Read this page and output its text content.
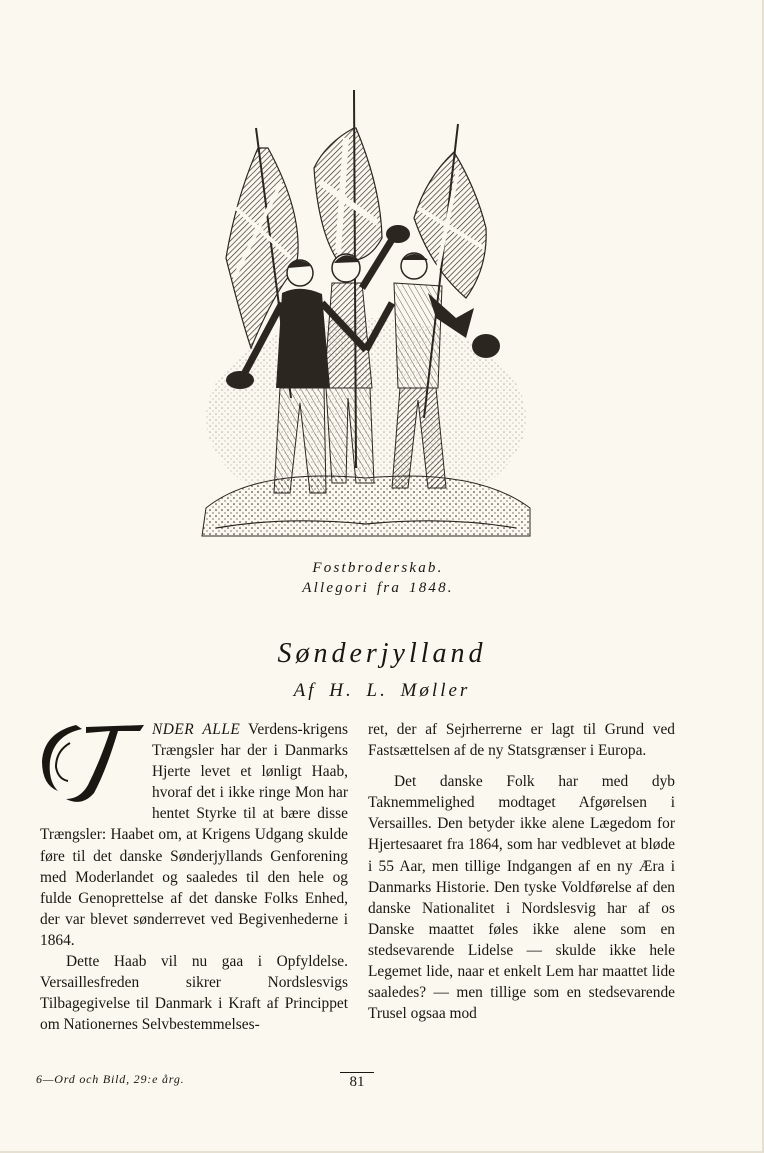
Fostbroderskab.
Allegori fra 1848.
Sønderjylland
Af H. L. Møller

NDER ALLE Verdens-krigens Trængsler har der i Danmarks Hjerte levet et lønligt Haab, hvoraf det i ikke ringe Mon har hentet Styrke til at bære disse Trængsler: Haabet om, at Krigens Udgang skulde føre til det danske Sønderjyllands Genforening med Moderlandet og saaledes til den hele og fulde Genoprettelse af det danske Folks Enhed, der var blevet sønderrevet ved Begivenhederne i 1864.

Dette Haab vil nu gaa i Opfyldelse. Versaillesfreden sikrer Nordslesvigs Tilbagegivelse til Danmark i Kraft af Princippet om Nationernes Selvbestemmelses-

ret, der af Sejrherrerne er lagt til Grund ved Fastsættelsen af de ny Statsgrænser i Europa.

Det danske Folk har med dyb Taknemmelighed modtaget Afgørelsen i Versailles. Den betyder ikke alene Lægedom for Hjertesaaret fra 1864, som har vedblevet at bløde i 55 Aar, men tillige Indgangen af en ny Æra i Danmarks Historie. Den tyske Voldførelse af den danske Nationalitet i Nordslesvig har af os Danske maattet føles ikke alene som en stedsevarende Lidelse — skulde ikke hele Legemet lide, naar et enkelt Lem har maattet lide saaledes? — men tillige som en stedsevarende Trusel ogsaa mod

6—Ord och Bild, 29:e årg.	81
